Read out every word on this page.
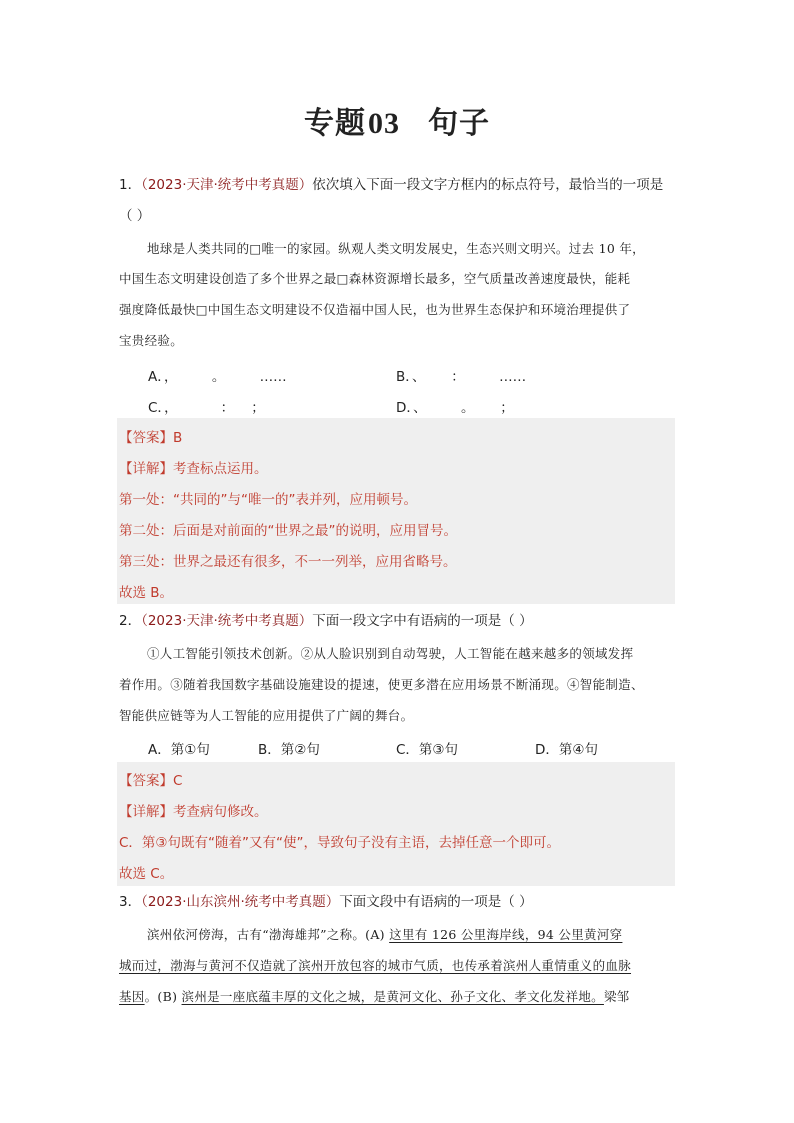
专题03 句子
1．（2023·天津·统考中考真题）依次填入下面一段文字方框内的标点符号，最恰当的一项是
（ ）
地球是人类共同的□唯一的家园。纵观人类文明发展史，生态兴则文明兴。过去 10 年，
中国生态文明建设创造了多个世界之最□森林资源增长最多，空气质量改善速度最快，能耗
强度降低最快□中国生态文明建设不仅造福中国人民，也为世界生态保护和环境治理提供了
宝贵经验。
A．，        。        ……	B．、      ：        ……
C．，          ：    ；	D．、        。      ；
【答案】B
【详解】考查标点运用。
第一处：“共同的”与“唯一的”表并列，应用顿号。
第二处：后面是对前面的“世界之最”的说明，应用冒号。
第三处：世界之最还有很多，不一一列举，应用省略号。
故选 B。
2．（2023·天津·统考中考真题）下面一段文字中有语病的一项是（ ）
①人工智能引领技术创新。②从人脸识别到自动驾驶，人工智能在越来越多的领域发挥
着作用。③随着我国数字基础设施建设的提速，使更多潜在应用场景不断涌现。④智能制造、
智能供应链等为人工智能的应用提供了广阔的舞台。
A．第①句	B．第②句	C．第③句	D．第④句
【答案】C
【详解】考查病句修改。
C．第③句既有“随着”又有“使”，导致句子没有主语，去掉任意一个即可。
故选 C。
3．（2023·山东滨州·统考中考真题）下面文段中有语病的一项是（ ）
滨州依河傍海，古有“渤海雄邦”之称。(A) 这里有 126 公里海岸线，94 公里黄河穿
城而过，渤海与黄河不仅造就了滨州开放包容的城市气质，也传承着滨州人重情重义的血脉
基因。(B) 滨州是一座底蕴丰厚的文化之城，是黄河文化、孙子文化、孝文化发祥地。梁邹
